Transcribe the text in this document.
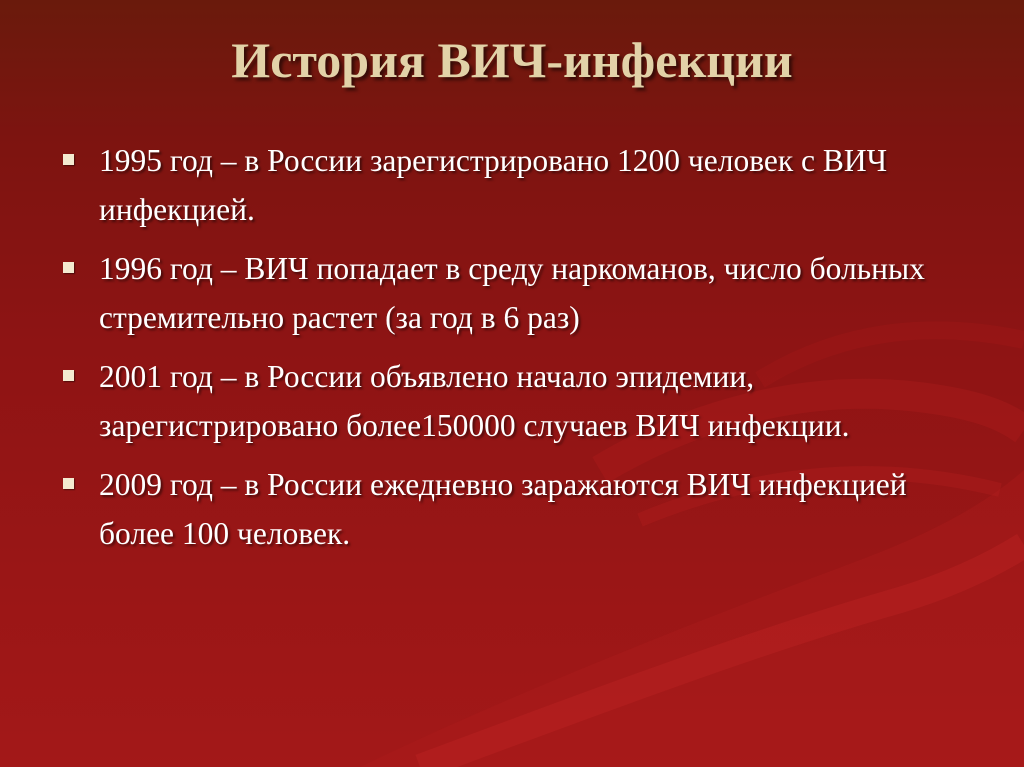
История ВИЧ-инфекции
1995 год – в России зарегистрировано 1200 человек с ВИЧ инфекцией.
1996 год – ВИЧ попадает в среду наркоманов, число больных стремительно растет (за год в 6 раз)
2001 год – в России объявлено начало эпидемии, зарегистрировано более150000 случаев ВИЧ инфекции.
2009 год – в России ежедневно заражаются ВИЧ инфекцией более 100 человек.
